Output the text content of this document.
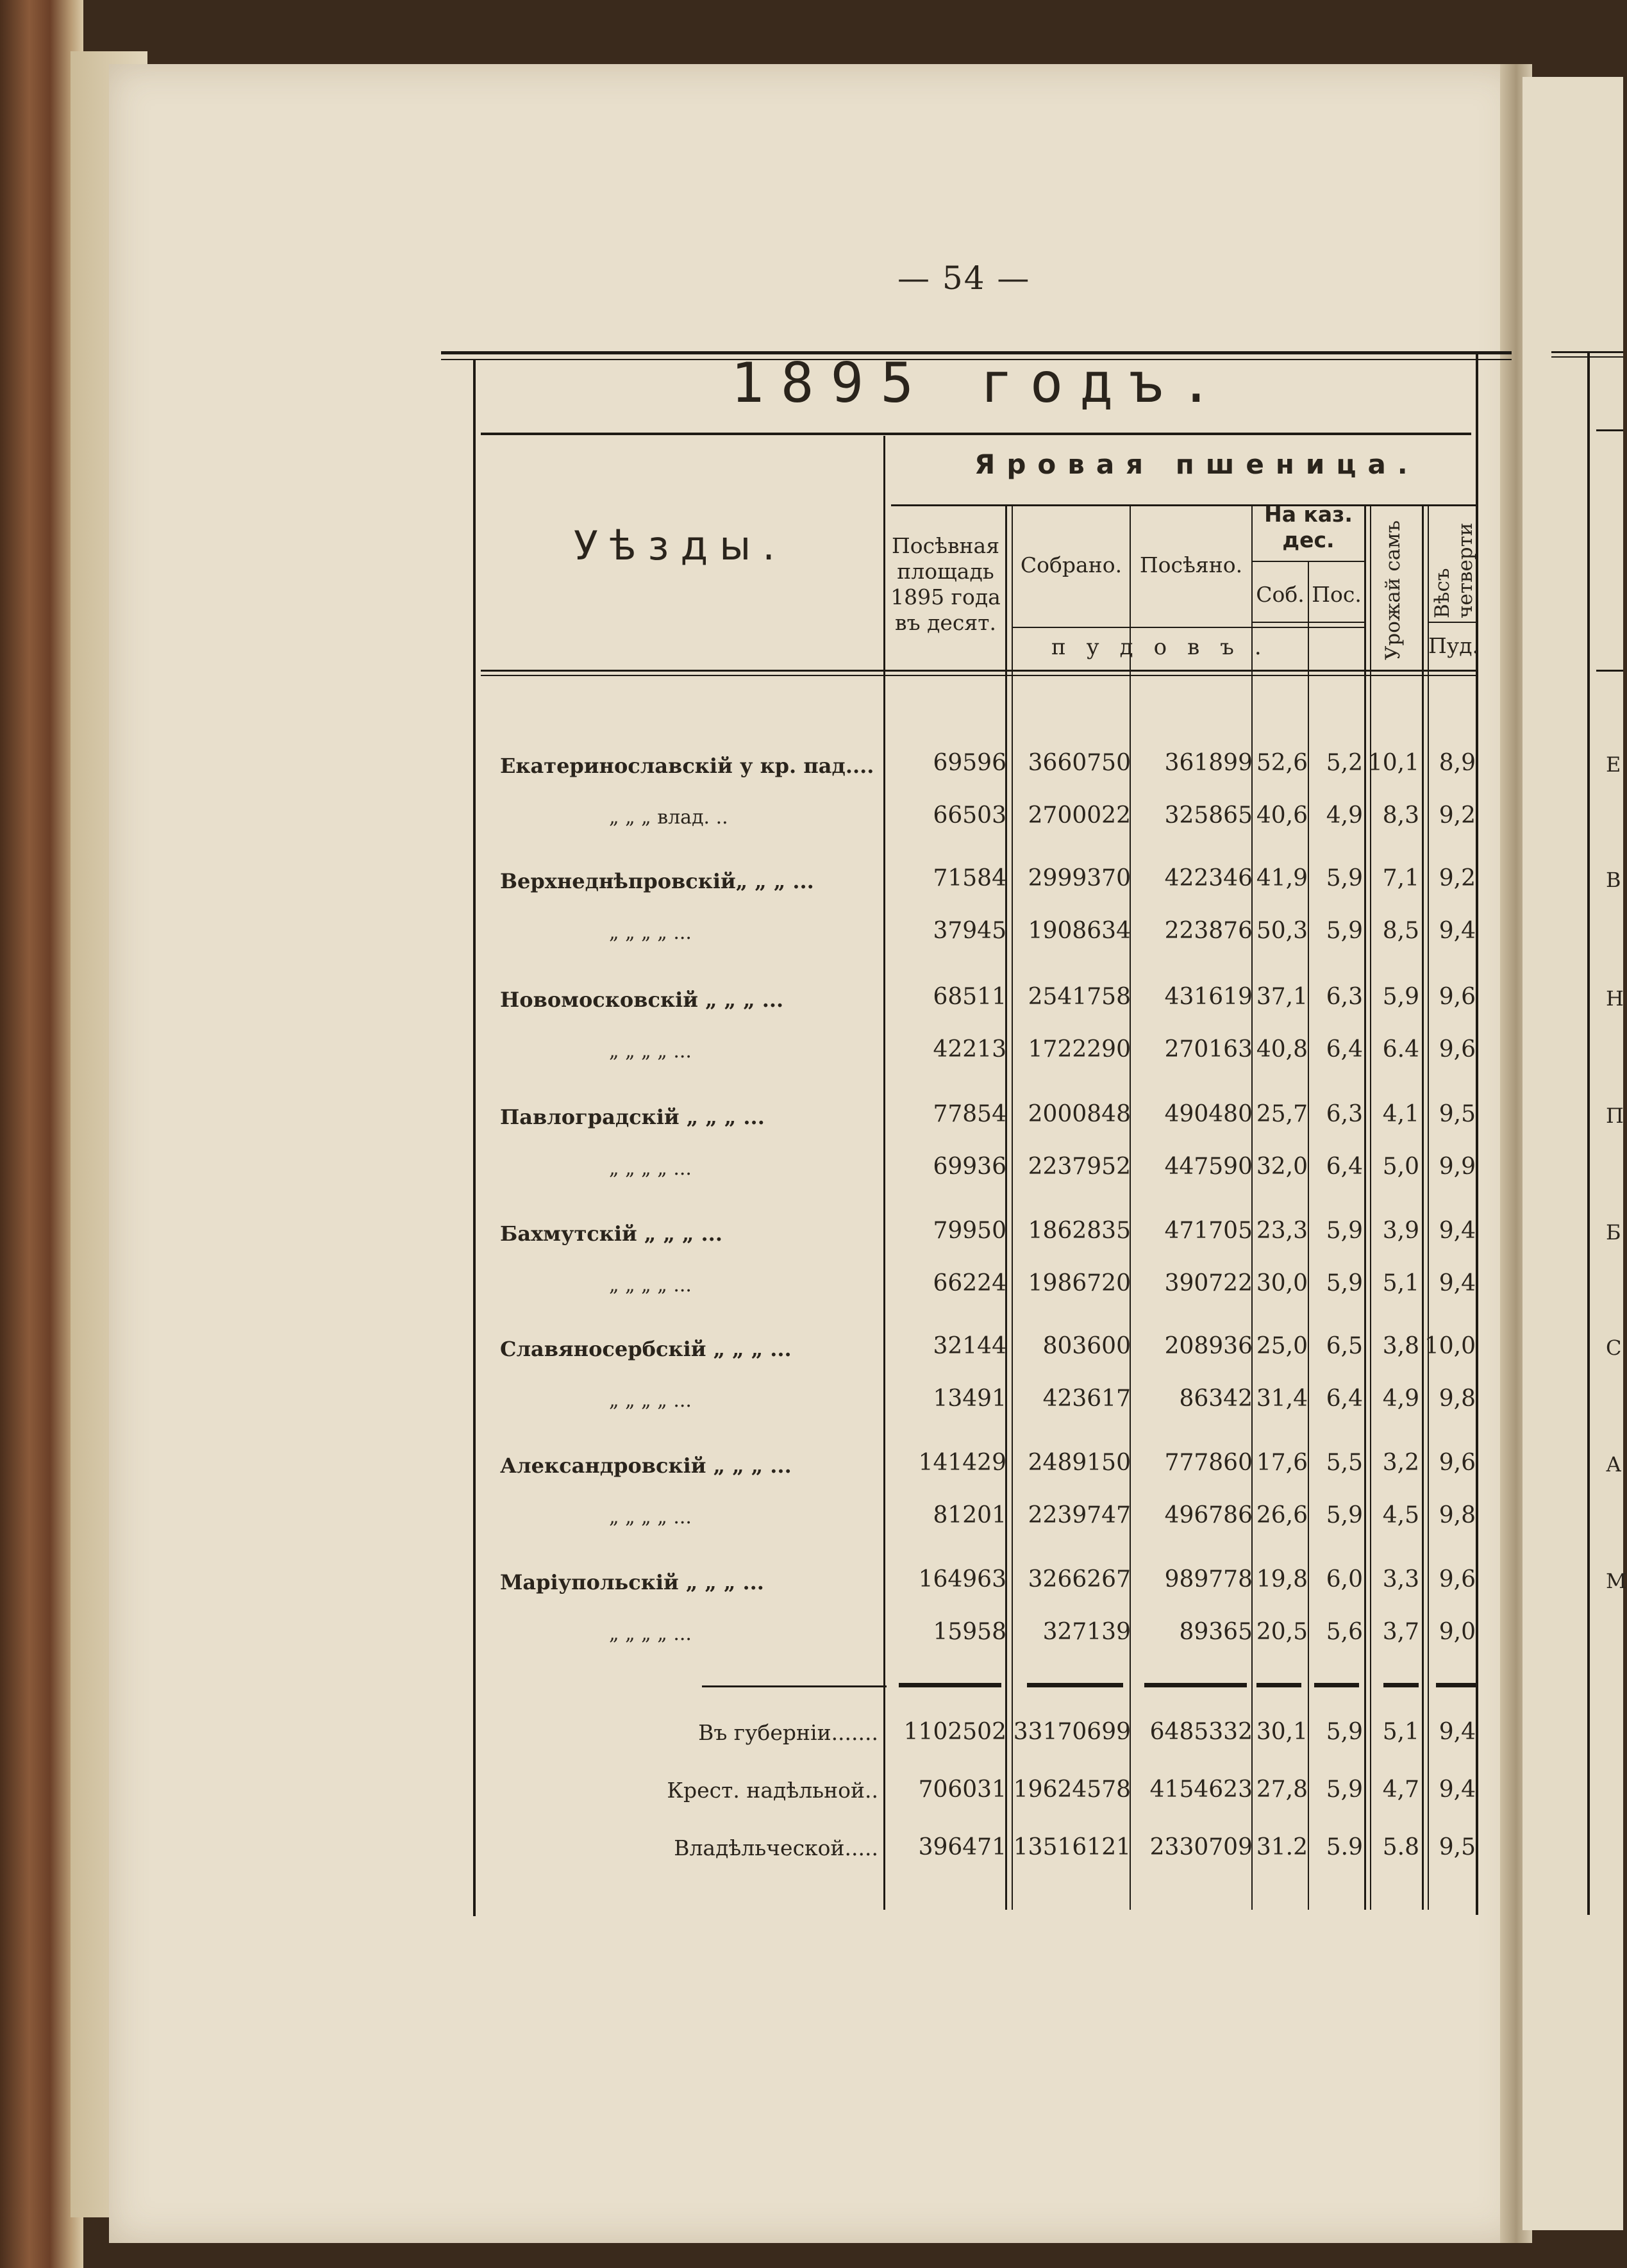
— 54 —
1895 годъ.
Уѣзды.
Яровая пшеница.
Посѣвная
площадь
1895 года
въ десят.
Собрано. Посѣяно.
На каз.
дес.
Соб. Пос. Урожай самъ Вѣсъ четверти
пудовъ.	Пуд.
Екатеринославскій у кр. пад....	69596 3660750 361899 52,6 5,2 10,1 8,9
„ „ „ влад. ..	66503 2700022 325865 40,6 4,9 8,3 9,2
Верхнеднѣпровскій„ „ „ ...	71584 2999370 422346 41,9 5,9 7,1 9,2
„ „ „ „ ...	37945 1908634 223876 50,3 5,9 8,5 9,4
Новомосковскій „ „ „ ...	68511 2541758 431619 37,1 6,3 5,9 9,6
„ „ „ „ ...	42213 1722290 270163 40,8 6,4 6.4 9,6
Павлоградскій „ „ „ ...	77854 2000848 490480 25,7 6,3 4,1 9,5
„ „ „ „ ...	69936 2237952 447590 32,0 6,4 5,0 9,9
Бахмутскій „ „ „ ...	79950 1862835 471705 23,3 5,9 3,9 9,4
„ „ „ „ ...	66224 1986720 390722 30,0 5,9 5,1 9,4
Славяносербскій „ „ „ ...	32144 803600 208936 25,0 6,5 3,8 10,0
„ „ „ „ ...	13491 423617 86342 31,4 6,4 4,9 9,8
Александровскій „ „ „ ...	141429 2489150 777860 17,6 5,5 3,2 9,6
„ „ „ „ ...	81201 2239747 496786 26,6 5,9 4,5 9,8
Маріупольскій „ „ „ ...	164963 3266267 989778 19,8 6,0 3,3 9,6
„ „ „ „ ...	15958 327139 89365 20,5 5,6 3,7 9,0
Въ губерніи....... 1102502 33170699 6485332 30,1 5,9 5,1 9,4
Крест. надѣльной.. 706031 19624578 4154623 27,8 5,9 4,7 9,4
Владѣльческой..... 396471 13516121 2330709 31.2 5.9 5.8 9,5
Е
В
Н
П
Б
С
А
М
